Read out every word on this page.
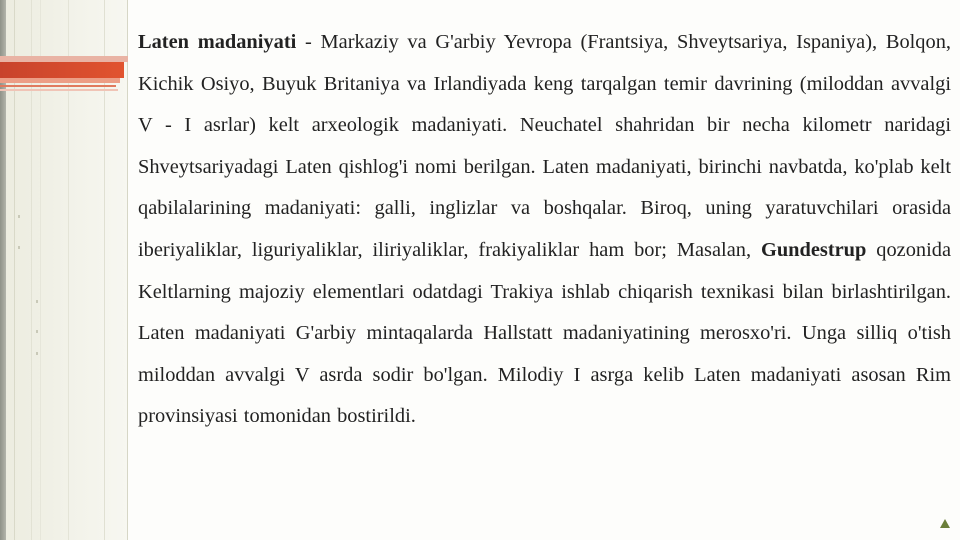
Laten madaniyati - Markaziy va G'arbiy Yevropa (Frantsiya, Shveytsariya, Ispaniya), Bolqon, Kichik Osiyo, Buyuk Britaniya va Irlandiyada keng tarqalgan temir davrining (miloddan avvalgi V - I asrlar) kelt arxeologik madaniyati. Neuchatel shahridan bir necha kilometr naridagi Shveytsariyadagi Laten qishlog'i nomi berilgan. Laten madaniyati, birinchi navbatda, ko'plab kelt qabilalarining madaniyati: galli, inglizlar va boshqalar. Biroq, uning yaratuvchilari orasida iberiyaliklar, liguriyaliklar, iliriyaliklar, frakiyaliklar ham bor; Masalan, Gundestrup qozonida Keltlarning majoziy elementlari odatdagi Trakiya ishlab chiqarish texnikasi bilan birlashtirilgan. Laten madaniyati G'arbiy mintaqalarda Hallstatt madaniyatining merosxo'ri. Unga silliq o'tish miloddan avvalgi V asrda sodir bo'lgan. Milodiy I asrga kelib Laten madaniyati asosan Rim provinsiyasi tomonidan bostirildi.
